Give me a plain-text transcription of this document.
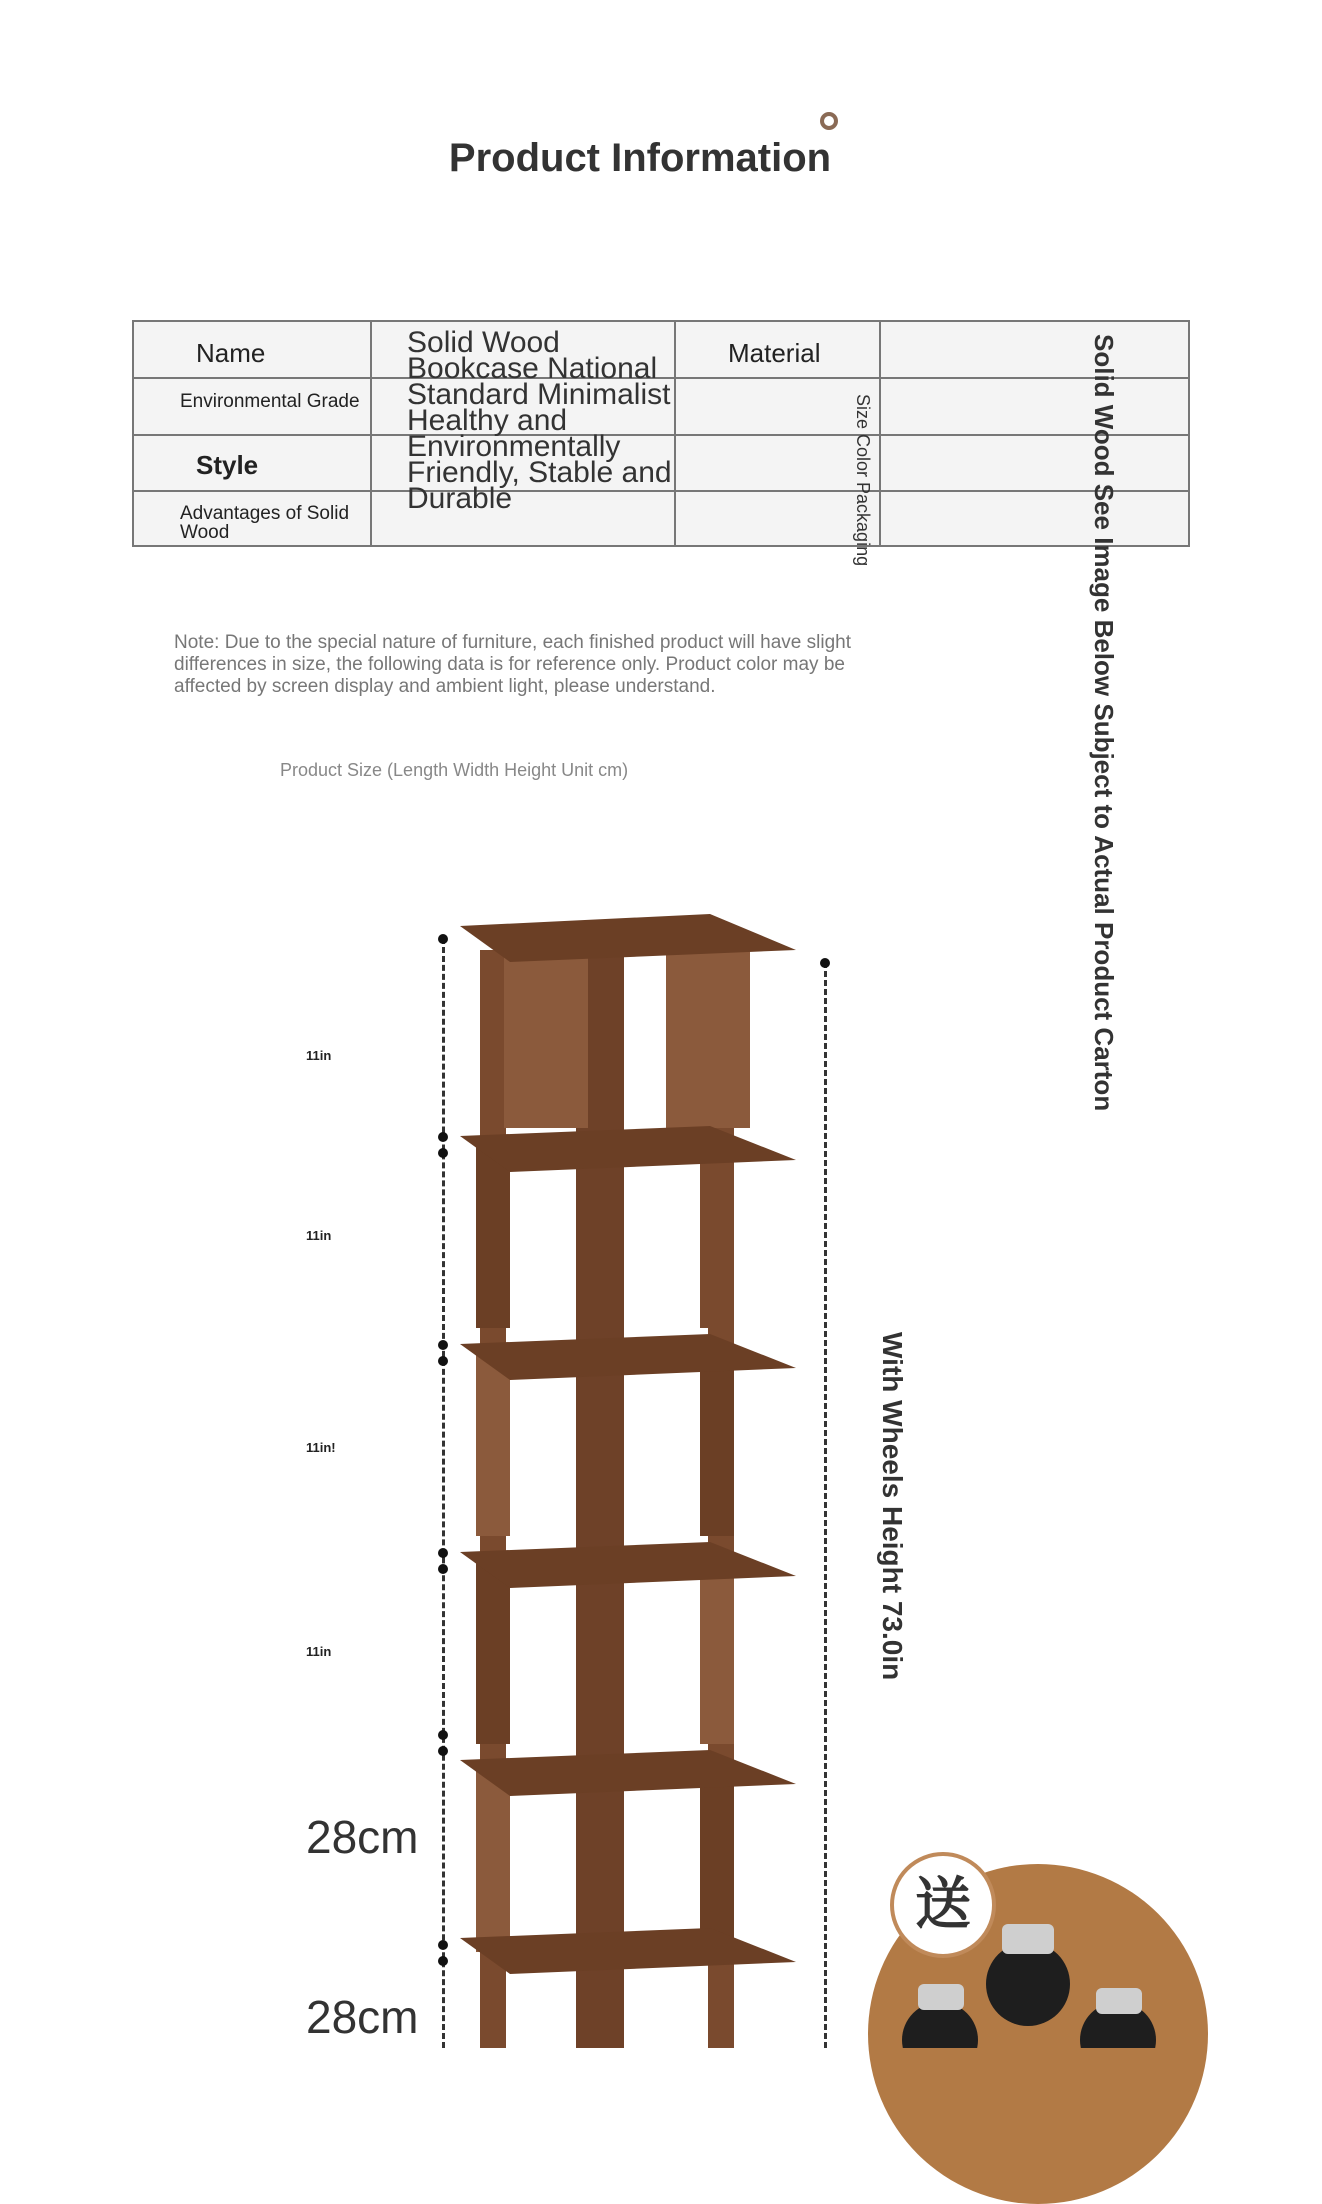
Product Information
Name
Environmental Grade
Style
Advantages of Solid Wood
Material
Solid Wood Bookcase National Standard Minimalist Healthy and Environmentally Friendly, Stable and Durable	Size Color Packaging	Solid Wood See Image Below Subject to Actual Product Carton
Note: Due to the special nature of furniture, each finished product will have slight differences in size, the following data is for reference only. Product color may be affected by screen display and ambient light, please understand.
Product Size (Length Width Height Unit cm)
11in
11in
11in!
11in
28cm
28cm
With Wheels Height 73.0in
送
